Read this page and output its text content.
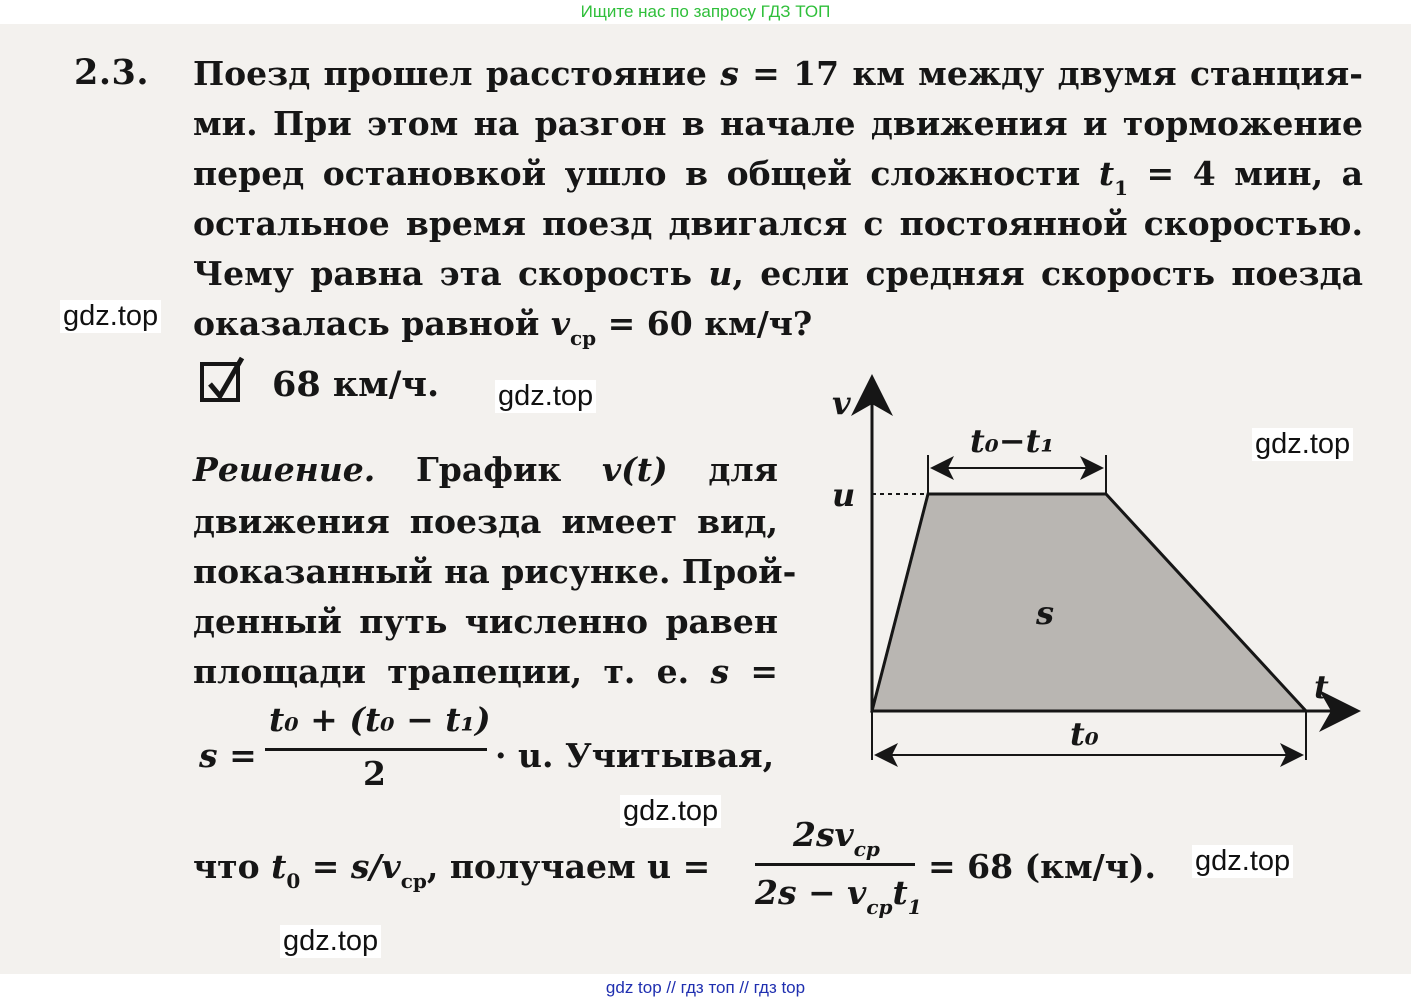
Ищите нас по запросу ГДЗ ТОП
2.3. Поезд прошел расстояние s = 17 км между двумя станция-
ми. При этом на разгон в начале движения и торможение
перед остановкой ушло в общей сложности $t_1 = 4$ мин, а
остальное время поезд двигался с постоянной скоростью.
Чему равна эта скорость u, если средняя скорость поезда
оказалась равной $v_{ср} = 60$ км/ч?
68 км/ч.
Решение. График v(t) для
движения поезда имеет вид,
показанный на рисунке. Прой-
денный путь численно равен
площади трапеции, т. е. s =
s =
t₀ + (t₀ − t₁)
2	· u. Учитывая,
что $t_0 = s/v_{ср}$, получаем u =
$2sv_{ср}$
$2s - v_{ср}t_1$
= 68 (км/ч).
v
t
u
s
t₀−t₁
t₀
gdz.top
gdz.top
gdz.top
gdz.top
gdz.top
gdz.top
gdz top // гдз топ // гдз top
